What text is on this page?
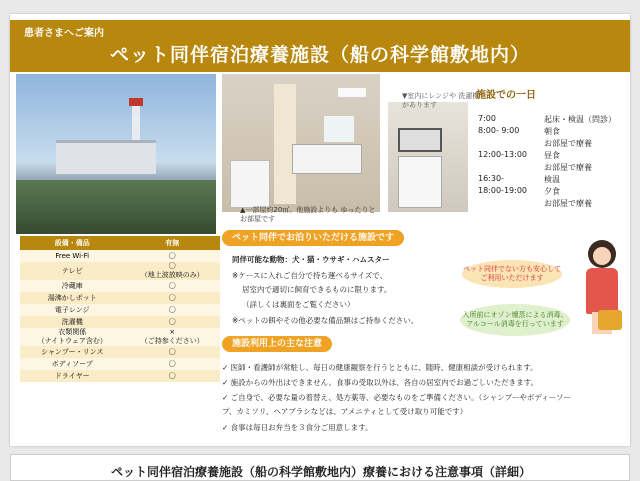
患者さまへご案内
ペット同伴宿泊療養施設（船の科学館敷地内）
▲一部屋約20㎡。他施設よりも ゆったりとお部屋です
▼室内にレンジや 洗濯機があります
施設での一日
設備・備品	有無
Free Wi-Fi	〇
テレビ	〇
（地上波放映のみ）
冷蔵庫	〇
湯沸かしポット	〇
電子レンジ	〇
洗濯機	〇
衣類関係
（ナイトウェア含む）	×
（ご持参ください）
シャンプー・リンス	〇
ボディソープ	〇
ドライヤー	〇
ペット同伴でお泊りいただける施設です
同伴可能な動物：犬・猫・ウサギ・ハムスター
※ケースに入れご自分で持ち運べるサイズで、
居室内で適切に飼育できるものに限ります。
（詳しくは裏面をご覧ください）
※ペットの餌やその他必要な備品類はご持参ください。
ペット同伴でない方も安心して ご利用いただけます
入所前にオゾン燻蒸による消毒、 アルコール消毒を行っています
施設利用上の主な注意
✓ 医師・看護師が常駐し、毎日の健康観察を行うとともに、随時、健康相談が受けられます。
✓ 施設からの外出はできません。食事の受取以外は、各自の居室内でお過ごしいただきます。
✓ ご自身で、必要な量の着替え、処方薬等、必要なものをご準備ください。（シャンプーやボディーソー
プ、カミソリ、ヘアブラシなどは、アメニティとして受け取り可能です）
✓ 食事は毎日お弁当を３食分ご用意します。
7:00	起床・検温（問診）
8:00- 9:00	朝食
お部屋で療養
12:00-13:00	昼食
お部屋で療養
16:30-	検温
18:00-19:00	夕食
お部屋で療養
ペット同伴宿泊療養施設（船の科学館敷地内）療養における注意事項（詳細）
